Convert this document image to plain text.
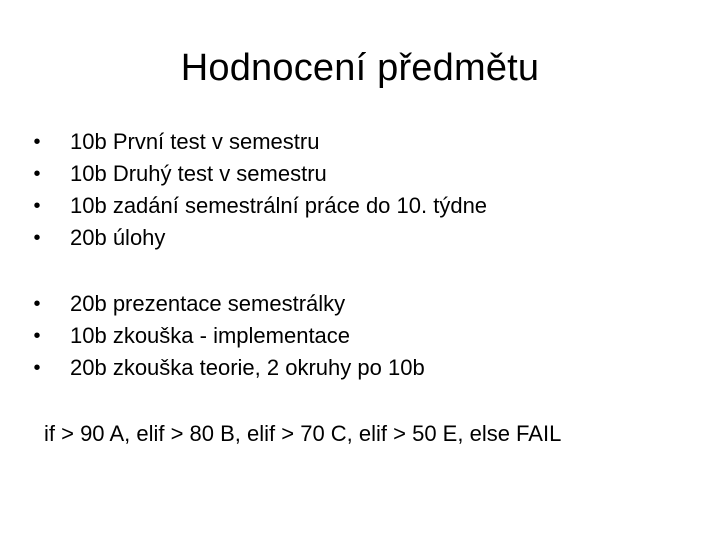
Hodnocení předmětu
• 10b První test v semestru
• 10b Druhý test v semestru
• 10b zadání semestrální práce do 10. týdne
• 20b úlohy
• 20b prezentace semestrálky
• 10b zkouška - implementace
• 20b zkouška teorie, 2 okruhy po 10b
if > 90 A, elif > 80 B, elif > 70 C, elif > 50 E, else FAIL
